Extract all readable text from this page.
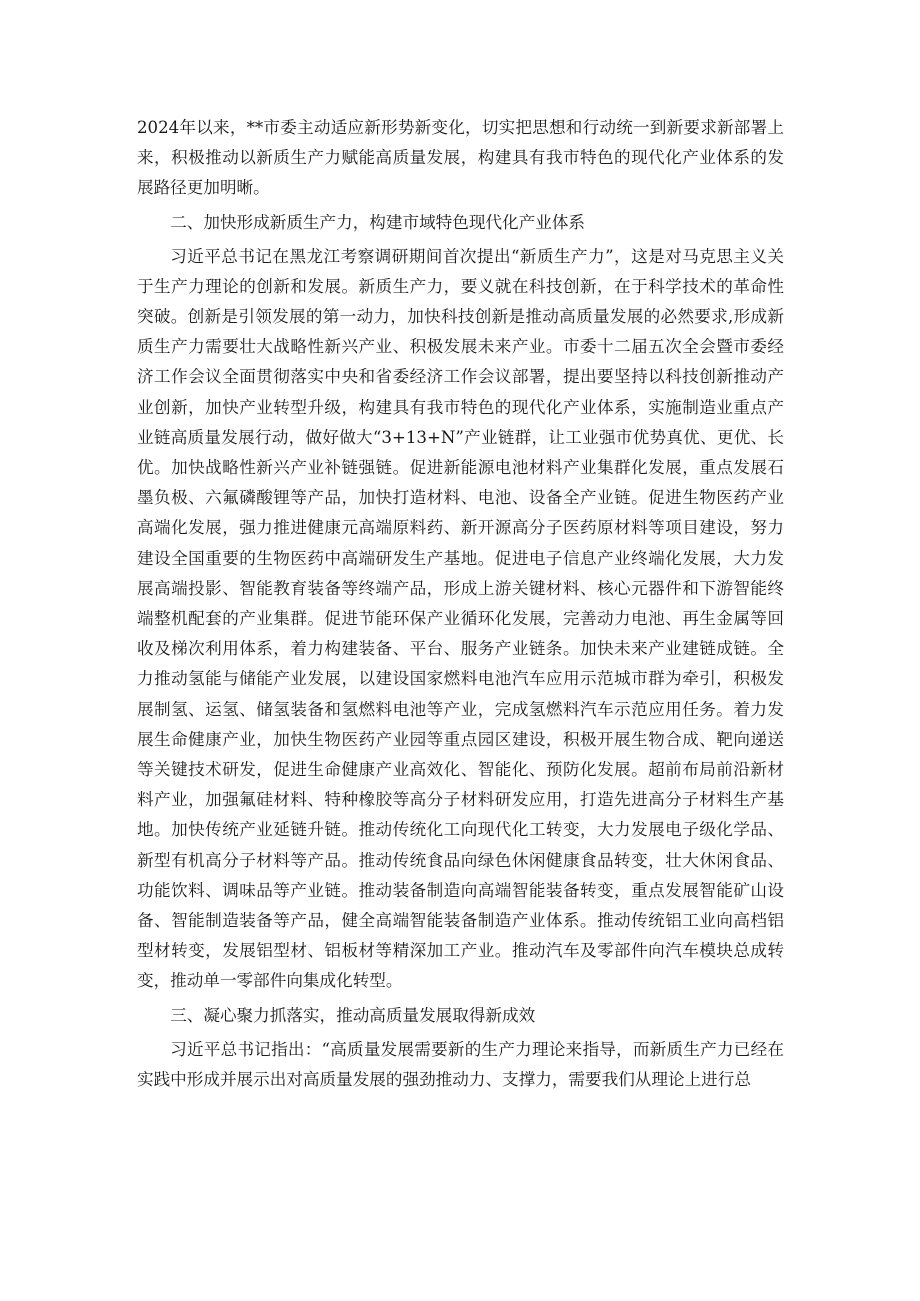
2024年以来，**市委主动适应新形势新变化，切实把思想和行动统一到新要求新部署上来，积极推动以新质生产力赋能高质量发展，构建具有我市特色的现代化产业体系的发展路径更加明晰。

二、加快形成新质生产力，构建市域特色现代化产业体系

习近平总书记在黑龙江考察调研期间首次提出“新质生产力”，这是对马克思主义关于生产力理论的创新和发展。新质生产力，要义就在科技创新，在于科学技术的革命性突破。创新是引领发展的第一动力，加快科技创新是推动高质量发展的必然要求,形成新质生产力需要壮大战略性新兴产业、积极发展未来产业。市委十二届五次全会暨市委经济工作会议全面贯彻落实中央和省委经济工作会议部署，提出要坚持以科技创新推动产业创新，加快产业转型升级，构建具有我市特色的现代化产业体系，实施制造业重点产业链高质量发展行动，做好做大“3+13+N”产业链群，让工业强市优势真优、更优、长优。加快战略性新兴产业补链强链。促进新能源电池材料产业集群化发展，重点发展石墨负极、六氟磷酸锂等产品，加快打造材料、电池、设备全产业链。促进生物医药产业高端化发展，强力推进健康元高端原料药、新开源高分子医药原材料等项目建设，努力建设全国重要的生物医药中高端研发生产基地。促进电子信息产业终端化发展，大力发展高端投影、智能教育装备等终端产品，形成上游关键材料、核心元器件和下游智能终端整机配套的产业集群。促进节能环保产业循环化发展，完善动力电池、再生金属等回收及梯次利用体系，着力构建装备、平台、服务产业链条。加快未来产业建链成链。全力推动氢能与储能产业发展，以建设国家燃料电池汽车应用示范城市群为牵引，积极发展制氢、运氢、储氢装备和氢燃料电池等产业，完成氢燃料汽车示范应用任务。着力发展生命健康产业，加快生物医药产业园等重点园区建设，积极开展生物合成、靶向递送等关键技术研发，促进生命健康产业高效化、智能化、预防化发展。超前布局前沿新材料产业，加强氟硅材料、特种橡胶等高分子材料研发应用，打造先进高分子材料生产基地。加快传统产业延链升链。推动传统化工向现代化工转变，大力发展电子级化学品、新型有机高分子材料等产品。推动传统食品向绿色休闲健康食品转变，壮大休闲食品、功能饮料、调味品等产业链。推动装备制造向高端智能装备转变，重点发展智能矿山设备、智能制造装备等产品，健全高端智能装备制造产业体系。推动传统铝工业向高档铝型材转变，发展铝型材、铝板材等精深加工产业。推动汽车及零部件向汽车模块总成转变，推动单一零部件向集成化转型。

三、凝心聚力抓落实，推动高质量发展取得新成效

习近平总书记指出：“高质量发展需要新的生产力理论来指导，而新质生产力已经在实践中形成并展示出对高质量发展的强劲推动力、支撑力，需要我们从理论上进行总
